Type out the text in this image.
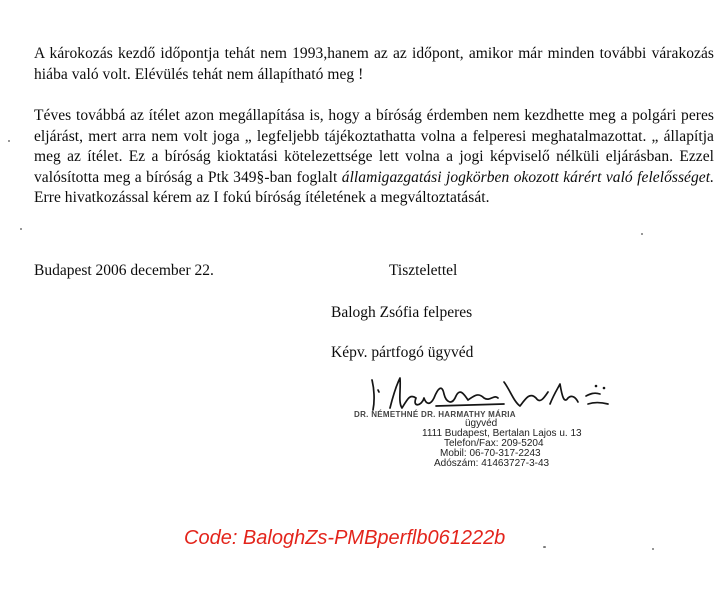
A károkozás kezdő időpontja tehát nem 1993,hanem az az időpont, amikor már minden további várakozás hiába való volt. Elévülés tehát nem állapítható meg !
Téves továbbá az ítélet azon megállapítása is, hogy a bíróság érdemben nem kezdhette meg a polgári peres eljárást, mert arra nem volt joga „ legfeljebb tájékoztathatta volna a felperesi meghatalmazottat. „ állapítja meg az ítélet. Ez a bíróság kioktatási kötelezettsége lett volna a jogi képviselő nélküli eljárásban. Ezzel valósította meg a bíróság a Ptk 349§-ban foglalt államigazgatási jogkörben okozott kárért való felelősséget. Erre hivatkozással kérem az I fokú bíróság ítéletének a megváltoztatását.
Budapest 2006 december 22.	Tisztelettel
Balogh Zsófia felperes
Képv. pártfogó ügyvéd
DR. NÉMETHNÉ DR. HARMATHY MÁRIA
ügyvéd
1111 Budapest, Bertalan Lajos u. 13
Telefon/Fax: 209-5204
Mobil: 06-70-317-2243
Adószám: 41463727-3-43
Code: BaloghZs-PMBperflb061222b
